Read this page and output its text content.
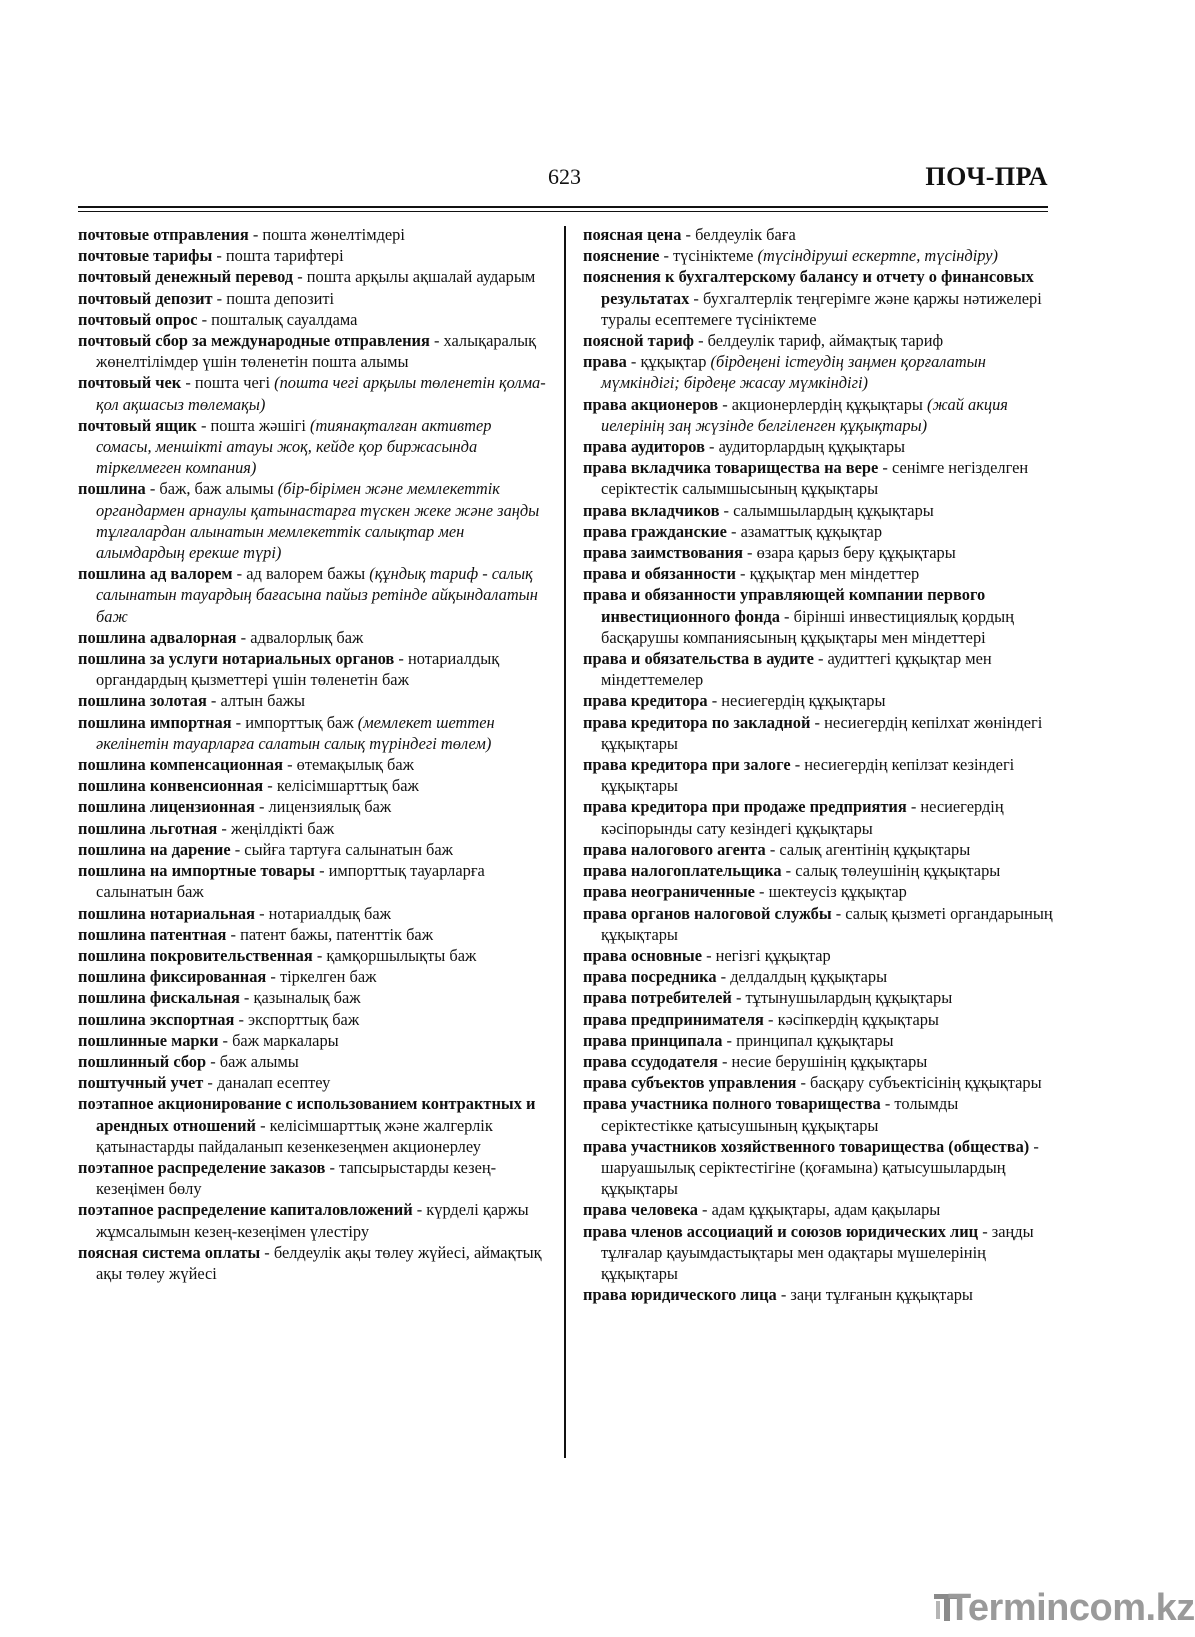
623	ПОЧ-ПРА

почтовые отправления - пошта жөнелтімдері

почтовые тарифы - пошта тарифтері

почтовый денежный перевод - пошта арқылы ақшалай аударым

почтовый депозит - пошта депозиті

почтовый опрос - пошталық сауалдама

почтовый сбор за международные отправления - халықаралық жөнелтілімдер үшін төленетін пошта алымы

почтовый чек - пошта чегі (пошта чегі арқылы төленетін қолма-қол ақшасыз төлемақы)

почтовый ящик - пошта жәшігі (тиянақталған активтер сомасы, меншікті атауы жоқ, кейде қор биржасында тіркелмеген компания)

пошлина - баж, баж алымы (бір-бірімен және мемлекеттік органдармен арнаулы қатынастарға түскен жеке және заңды тұлғалардан алынатын мемлекеттік салықтар мен алымдардың ерекше түрі)

пошлина ад валорем - ад валорем бажы (құндық тариф - салық салынатын тауардың бағасына пайыз ретінде айқындалатын баж

пошлина адвалорная - адвалорлық баж

пошлина за услуги нотариальных органов - нотариалдық органдардың қызметтері үшін төленетін баж

пошлина золотая - алтын бажы

пошлина импортная - импорттық баж (мемлекет шеттен әкелінетін тауарларға салатын салық түріндегі төлем)

пошлина компенсационная - өтемақылық баж

пошлина конвенсионная - келісімшарттық баж

пошлина лицензионная - лицензиялық баж

пошлина льготная - жеңілдікті баж

пошлина на дарение - сыйға тартуға салынатын баж

пошлина на импортные товары - импорттық тауарларға салынатын баж

пошлина нотариальная - нотариалдық баж

пошлина патентная - патент бажы, патенттік баж

пошлина покровительственная - қамқоршылықты баж

пошлина фиксированная - тіркелген баж

пошлина фискальная - қазыналық баж

пошлина экспортная - экспорттық баж

пошлинные марки - баж маркалары

пошлинный сбор - баж алымы

поштучный учет - даналап есептеу

поэтапное акционирование с использованием контрактных и арендных отношений - келісімшарттық және жалгерлік қатынастарды пайдаланып кезенкезеңмен акционерлеу

поэтапное распределение заказов - тапсырыстарды кезең-кезеңімен бөлу

поэтапное распределение капиталовложений - күрделі қаржы жұмсалымын кезең-кезеңімен үлестіру

поясная система оплаты - белдеулік ақы төлеу жүйесі, аймақтық ақы төлеу жүйесі

поясная цена - белдеулік баға

пояснение - түсініктеме (түсіндіруші ескертпе, түсіндіру)

пояснения к бухгалтерскому балансу и отчету о финансовых результатах - бухгалтерлік теңгерімге және қаржы нәтижелері туралы есептемеге түсініктеме

поясной тариф - белдеулік тариф, аймақтық тариф

права - құқықтар (бірдеңені істеудің заңмен қорғалатын мүмкіндігі; бірдеңе жасау мүмкіндігі)

права акционеров - акционерлердің құқықтары (жай акция иелерінің заң жүзінде белгіленген құқықтары)

права аудиторов - аудиторлардың құқықтары

права вкладчика товарищества на вере - сенімге негізделген серіктестік салымшысының құқықтары

права вкладчиков - салымшылардың құқықтары

права гражданские - азаматтық құқықтар

права заимствования - өзара қарыз беру құқықтары

права и обязанности - құқықтар мен міндеттер

права и обязанности управляющей компании первого инвестиционного фонда - бірінші инвестициялық қордың басқарушы компаниясының құқықтары мен міндеттері

права и обязательства в аудите - аудиттегі құқықтар мен міндеттемелер

права кредитора - несиегердің құқықтары

права кредитора по закладной - несиегердің кепілхат жөніндегі құқықтары

права кредитора при залоге - несиегердің кепілзат кезіндегі құқықтары

права кредитора при продаже предприятия - несиегердің кәсіпорынды сату кезіндегі құқықтары

права налогового агента - салық агентінің құқықтары

права налогоплательщика - салық төлеушінің құқықтары

права неограниченные - шектеусіз құқықтар

права органов налоговой службы - салық қызметі органдарының құқықтары

права основные - негізгі құқықтар

права посредника - делдалдың құқықтары

права потребителей - тұтынушылардың құқықтары

права предпринимателя - кәсіпкердің құқықтары

права принципала - принципал құқықтары

права ссудодателя - несие берушінің құқықтары

права субъектов управления - басқару субъектісінің құқықтары

права участника полного товарищества - толымды серіктестікке қатысушының құқықтары

права участников хозяйственного товарищества (общества) - шаруашылық серіктестігіне (қоғамына) қатысушылардың құқықтары

права человека - адам құқықтары, адам қақылары

права членов ассоциаций и союзов юридических лиц - заңды тұлғалар қауымдастықтары мен одақтары мүшелерінің құқықтары

права юридического лица - заңи тұлғанын құқықтары

Termincom.kz
